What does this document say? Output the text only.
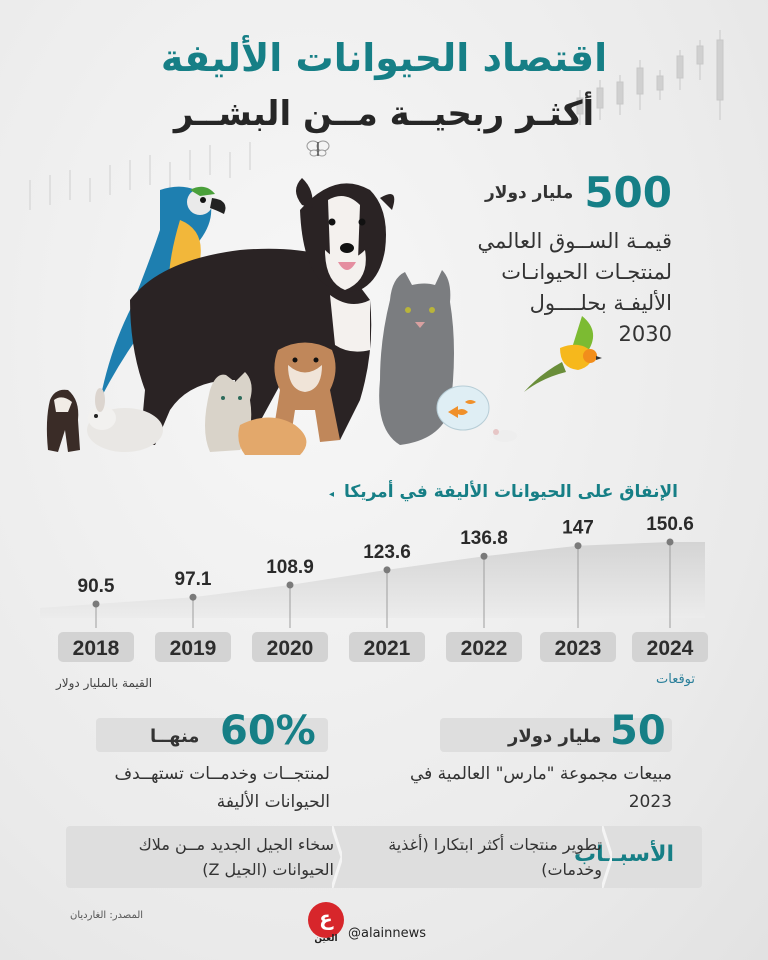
اقتصاد الحيوانات الأليفة
أكثـر ربحيــة مــن البشــر
500 مليار دولار
قيمـة الســوق العالمي لمنتجـات الحيوانـات الأليفـة بحلــــول 2030
الإنفاق على الحيوانات الأليفة في أمريكا ◂
90.5
2018
97.1
2019
108.9
2020
123.6
2021
136.8
2022
147
2023
150.6
2024
القيمة بالمليار دولار	توقعات
60%
منهــا
لمنتجــات وخدمــات تستهــدف الحيوانات الأليفة
50
مليار دولار
مبيعات مجموعة "مارس" العالمية في 2023
الأسبــاب
تطوير منتجات أكثر ابتكارا (أغذية وخدمات)
سخاء الجيل الجديد مــن ملاك الحيوانات (الجيل Z)
المصدر: الغارديان	ع
العين @alainnews
